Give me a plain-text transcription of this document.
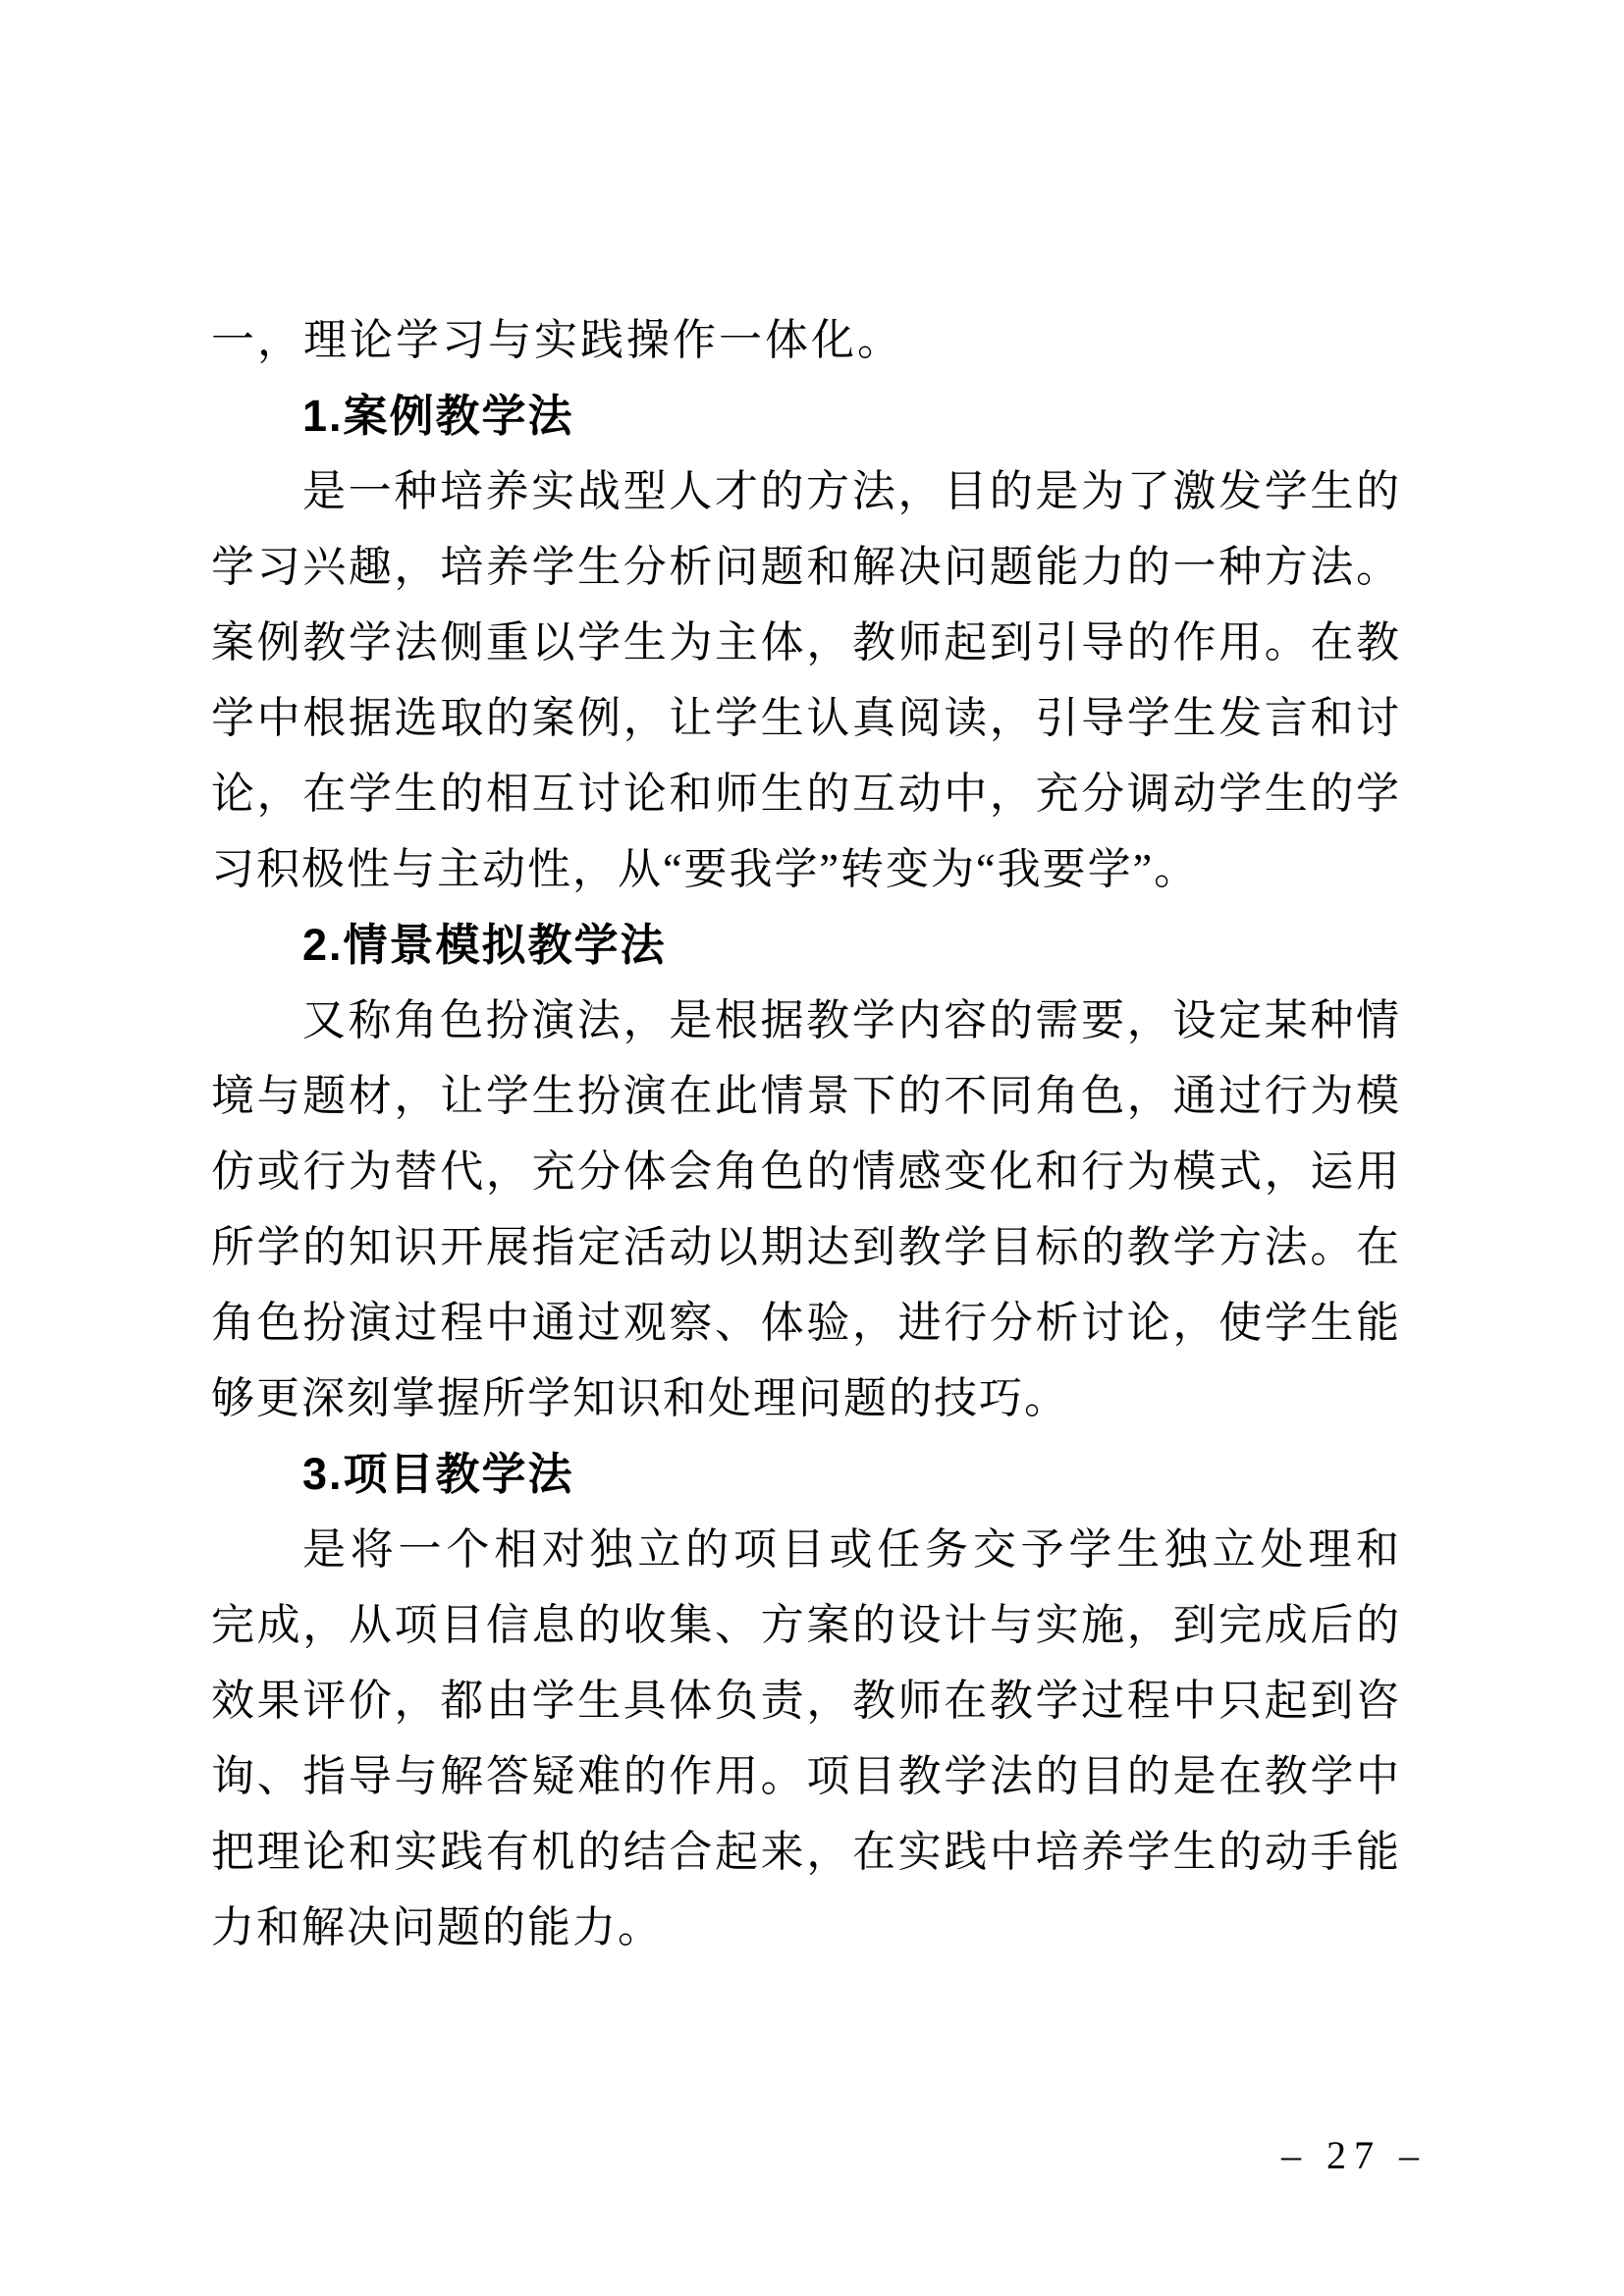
一，理论学习与实践操作一体化。
1.案例教学法
是一种培养实战型人才的方法，目的是为了激发学生的
学习兴趣，培养学生分析问题和解决问题能力的一种方法。
案例教学法侧重以学生为主体，教师起到引导的作用。在教
学中根据选取的案例，让学生认真阅读，引导学生发言和讨
论，在学生的相互讨论和师生的互动中，充分调动学生的学
习积极性与主动性，从“要我学”转变为“我要学”。
2.情景模拟教学法
又称角色扮演法，是根据教学内容的需要，设定某种情
境与题材，让学生扮演在此情景下的不同角色，通过行为模
仿或行为替代，充分体会角色的情感变化和行为模式，运用
所学的知识开展指定活动以期达到教学目标的教学方法。在
角色扮演过程中通过观察、体验，进行分析讨论，使学生能
够更深刻掌握所学知识和处理问题的技巧。
3.项目教学法
是将一个相对独立的项目或任务交予学生独立处理和
完成，从项目信息的收集、方案的设计与实施，到完成后的
效果评价，都由学生具体负责，教师在教学过程中只起到咨
询、指导与解答疑难的作用。项目教学法的目的是在教学中
把理论和实践有机的结合起来，在实践中培养学生的动手能
力和解决问题的能力。
– 27 –
